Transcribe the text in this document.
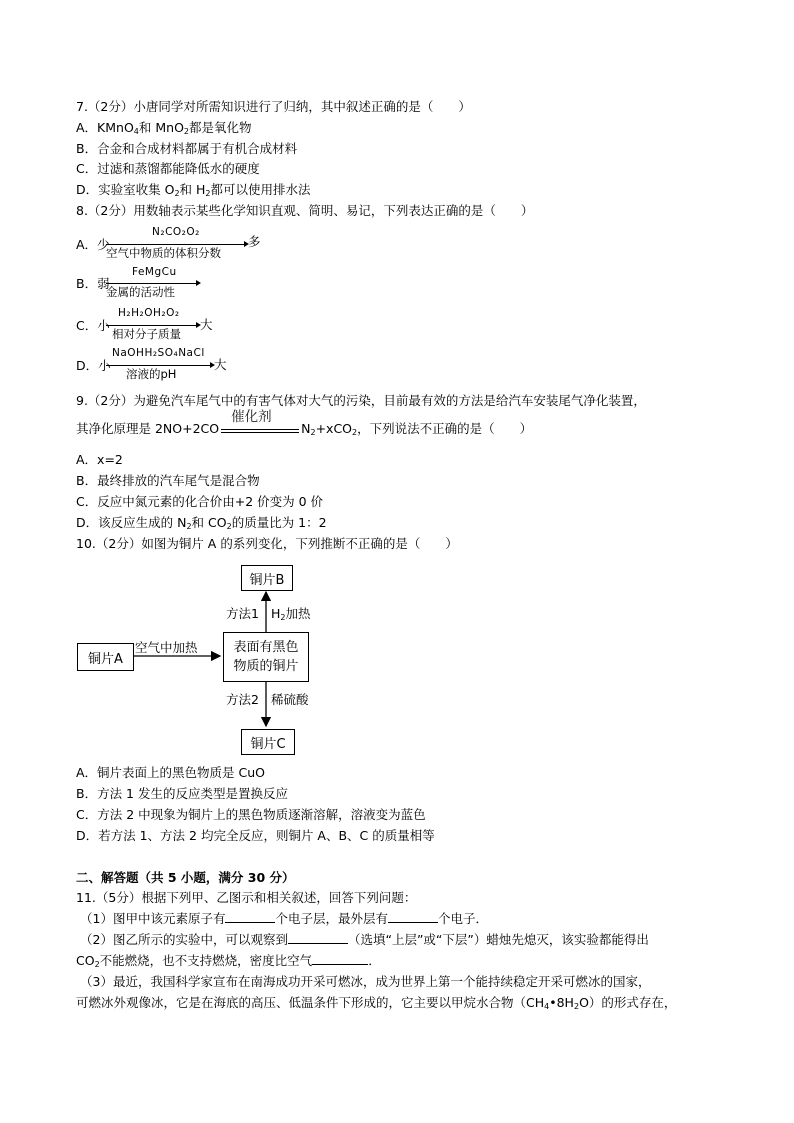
7.（2分）小唐同学对所需知识进行了归纳，其中叙述正确的是（　　）
A．KMnO$_4$和 MnO$_2$都是氧化物
B．合金和合成材料都属于有机合成材料
C．过滤和蒸馏都能降低水的硬度
D．实验室收集 $O_2$和 $H_2$都可以使用排水法
8.（2分）用数轴表示某些化学知识直观、简明、易记，下列表达正确的是（　　）
A．少
N₂CO₂O₂
空气中物质的体积分数
多
B．弱
FeMgCu
金属的活动性
C．小
H₂H₂OH₂O₂
相对分子质量
大
D．小
NaOHH₂SO₄NaCl
溶液的pH
大
9.（2分）为避免汽车尾气中的有害气体对大气的污染，目前最有效的方法是给汽车安装尾气净化装置，
其净化原理是 2NO+2CO
催化剂
$N_2+xCO_2$，下列说法不正确的是（　　）
A．x=2
B．最终排放的汽车尾气是混合物
C．反应中氮元素的化合价由+2 价变为 0 价
D．该反应生成的 $N_2$和 $CO_2$的质量比为 1：2
10.（2分）如图为铜片 A 的系列变化，下列推断不正确的是（　　）
铜片B
铜片A
表面有黑色
物质的铜片
铜片C
空气中加热
方法1 $H_2$加热
方法2 稀硫酸
A．铜片表面上的黑色物质是 CuO
B．方法 1 发生的反应类型是置换反应
C．方法 2 中现象为铜片上的黑色物质逐渐溶解，溶液变为蓝色
D．若方法 1、方法 2 均完全反应，则铜片 A、B、C 的质量相等
二、解答题（共 5 小题，满分 30 分）
11.（5分）根据下列甲、乙图示和相关叙述，回答下列问题：
（1）图甲中该元素原子有	个电子层，最外层有	个电子．
（2）图乙所示的实验中，可以观察到	（选填“上层”或“下层”）蜡烛先熄灭，该实验都能得出
$CO_2$不能燃烧，也不支持燃烧，密度比空气	．
（3）最近，我国科学家宣布在南海成功开采可燃冰，成为世界上第一个能持续稳定开采可燃冰的国家，
可燃冰外观像冰，它是在海底的高压、低温条件下形成的，它主要以甲烷水合物$(CH_4•8H_2O)$的形式存在，
